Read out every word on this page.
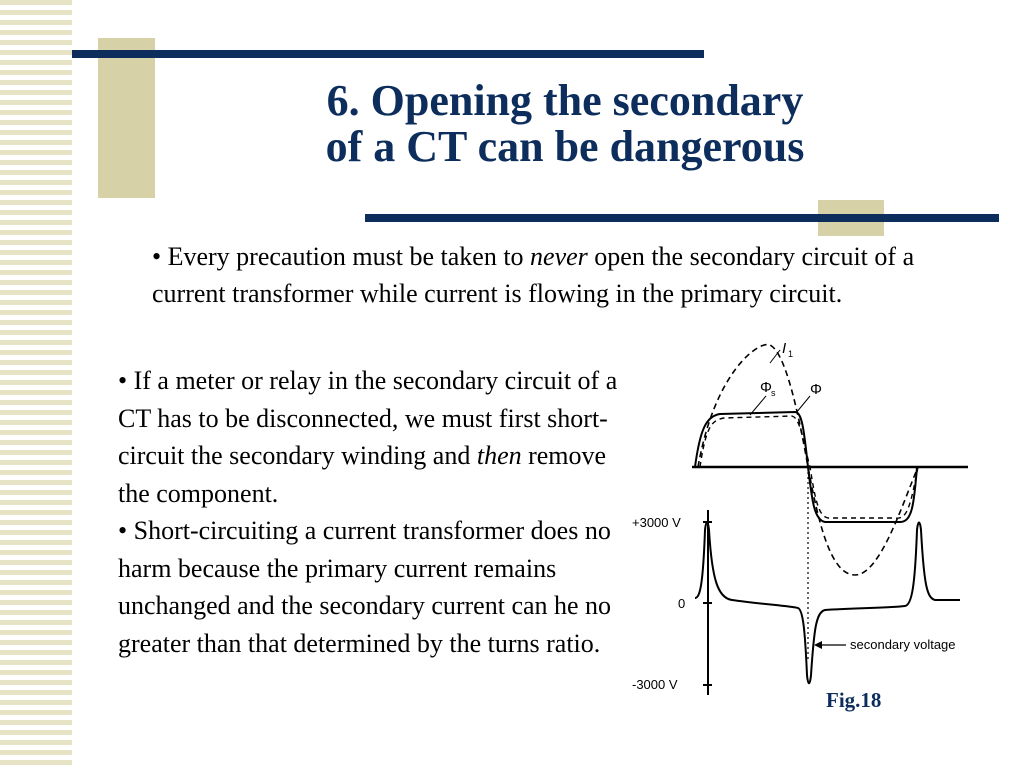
6. Opening the secondary
of a CT can be dangerous

• Every precaution must be taken to never open the secondary circuit of a current transformer while current is flowing in the primary circuit.

• If a meter or relay in the secondary circuit of a CT has to be disconnected, we must first short-circuit the secondary winding and then remove the component.

• Short-circuiting a current transformer does no harm because the primary current remains unchanged and the secondary current can he no greater than that determined by the turns ratio.

I 1
Φ s Φ
+3000 V
0
-3000 V
secondary voltage
Fig.18
